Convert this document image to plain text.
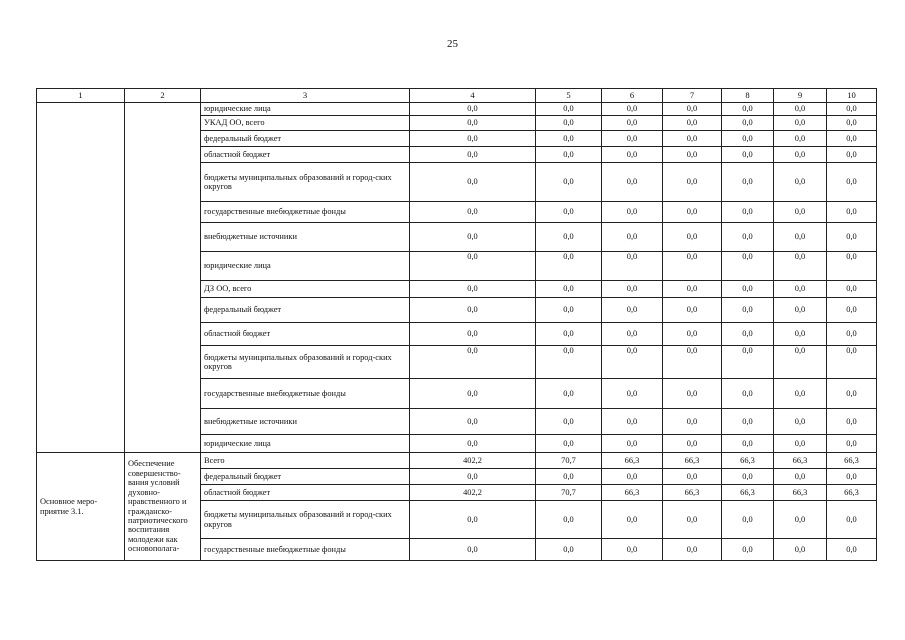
25
1	2	3	4	5	6	7	8	9	10
		юридические лица	0,0	0,0	0,0	0,0	0,0	0,0	0,0
		УКАД ОО, всего	0,0	0,0	0,0	0,0	0,0	0,0	0,0
		федеральный бюджет	0,0	0,0	0,0	0,0	0,0	0,0	0,0
		областной бюджет	0,0	0,0	0,0	0,0	0,0	0,0	0,0
		бюджеты муниципальных образований и город-ских округов	0,0	0,0	0,0	0,0	0,0	0,0	0,0
		государственные внебюджетные фонды	0,0	0,0	0,0	0,0	0,0	0,0	0,0
		внебюджетные источники	0,0	0,0	0,0	0,0	0,0	0,0	0,0
		юридические лица	0,0	0,0	0,0	0,0	0,0	0,0	0,0
		ДЗ ОО, всего	0,0	0,0	0,0	0,0	0,0	0,0	0,0
		федеральный бюджет	0,0	0,0	0,0	0,0	0,0	0,0	0,0
		областной бюджет	0,0	0,0	0,0	0,0	0,0	0,0	0,0
		бюджеты муниципальных образований и город-ских округов	0,0	0,0	0,0	0,0	0,0	0,0	0,0
		государственные внебюджетные фонды	0,0	0,0	0,0	0,0	0,0	0,0	0,0
		внебюджетные источники	0,0	0,0	0,0	0,0	0,0	0,0	0,0
		юридические лица	0,0	0,0	0,0	0,0	0,0	0,0	0,0
Основное меро-приятие 3.1.	Обеспечение совершенство-вания условий духовно-нравственного и гражданско-патриотического воспитания молодежи как основополага-	Всего	402,2	70,7	66,3	66,3	66,3	66,3	66,3
		федеральный бюджет	0,0	0,0	0,0	0,0	0,0	0,0	0,0
		областной бюджет	402,2	70,7	66,3	66,3	66,3	66,3	66,3
		бюджеты муниципальных образований и город-ских округов	0,0	0,0	0,0	0,0	0,0	0,0	0,0
		государственные внебюджетные фонды	0,0	0,0	0,0	0,0	0,0	0,0	0,0
